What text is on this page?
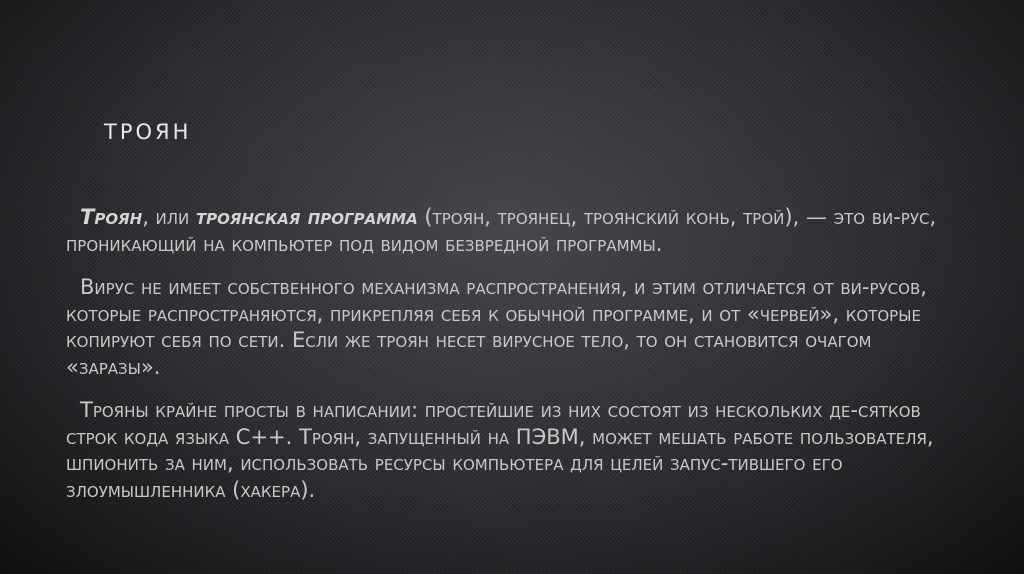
троян

Троян, или троянская программа (троян, троянец, троянский конь, трой), — это ви-рус, проникающий на компьютер под видом безвредной программы.

Вирус не имеет собственного механизма распространения, и этим отличается от ви-русов, которые распространяются, прикрепляя себя к обычной программе, и от «червей», которые копируют себя по сети. Если же троян несет вирусное тело, то он становится очагом «заразы».

Трояны крайне просты в написании: простейшие из них состоят из нескольких де-сятков строк кода языка C++. Троян, запущенный на ПЭВМ, может мешать работе пользователя, шпионить за ним, использовать ресурсы компьютера для целей запус-тившего его злоумышленника (хакера).
